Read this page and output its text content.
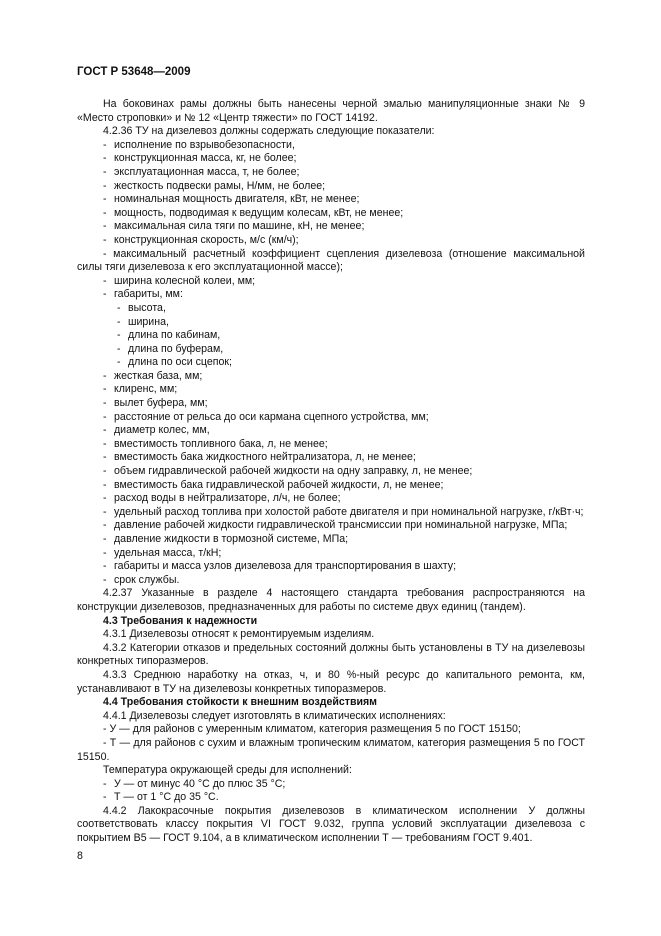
ГОСТ Р 53648—2009

На боковинах рамы должны быть нанесены черной эмалью манипуляционные знаки № 9 «Место строповки» и № 12 «Центр тяжести» по ГОСТ 14192.

4.2.36 ТУ на дизелевоз должны содержать следующие показатели:

- исполнение по взрывобезопасности,

- конструкционная масса, кг, не более;

- эксплуатационная масса, т, не более;

- жесткость подвески рамы, Н/мм, не более;

- номинальная мощность двигателя, кВт, не менее;

- мощность, подводимая к ведущим колесам, кВт, не менее;

- максимальная сила тяги по машине, кН, не менее;

- конструкционная скорость, м/с (км/ч);

- максимальный расчетный коэффициент сцепления дизелевоза (отношение максимальной силы тяги дизелевоза к его эксплуатационной массе);

- ширина колесной колеи, мм;

- габариты, мм:

- высота,

- ширина,

- длина по кабинам,

- длина по буферам,

- длина по оси сцепок;

- жесткая база, мм;

- клиренс, мм;

- вылет буфера, мм;

- расстояние от рельса до оси кармана сцепного устройства, мм;

- диаметр колес, мм,

- вместимость топливного бака, л, не менее;

- вместимость бака жидкостного нейтрализатора, л, не менее;

- объем гидравлической рабочей жидкости на одну заправку, л, не менее;

- вместимость бака гидравлической рабочей жидкости, л, не менее;

- расход воды в нейтрализаторе, л/ч, не более;

- удельный расход топлива при холостой работе двигателя и при номинальной нагрузке, г/кВт·ч;

- давление рабочей жидкости гидравлической трансмиссии при номинальной нагрузке, МПа;

- давление жидкости в тормозной системе, МПа;

- удельная масса, т/кН;

- габариты и масса узлов дизелевоза для транспортирования в шахту;

- срок службы.

4.2.37 Указанные в разделе 4 настоящего стандарта требования распространяются на конструкции дизелевозов, предназначенных для работы по системе двух единиц (тандем).

4.3 Требования к надежности

4.3.1 Дизелевозы относят к ремонтируемым изделиям.

4.3.2 Категории отказов и предельных состояний должны быть установлены в ТУ на дизелевозы конкретных типоразмеров.

4.3.3 Среднюю наработку на отказ, ч, и 80 %-ный ресурс до капитального ремонта, км, устанавливают в ТУ на дизелевозы конкретных типоразмеров.

4.4 Требования стойкости к внешним воздействиям

4.4.1 Дизелевозы следует изготовлять в климатических исполнениях:

- У — для районов с умеренным климатом, категория размещения 5 по ГОСТ 15150;

- Т — для районов с сухим и влажным тропическим климатом, категория размещения 5 по ГОСТ 15150.

Температура окружающей среды для исполнений:

- У — от минус 40 °С до плюс 35 °С;

- Т — от 1 °С до 35 °С.

4.4.2 Лакокрасочные покрытия дизелевозов в климатическом исполнении У должны соответствовать классу покрытия VI ГОСТ 9.032, группа условий эксплуатации дизелевоза с покрытием В5 — ГОСТ 9.104, а в климатическом исполнении Т — требованиям ГОСТ 9.401.

8
